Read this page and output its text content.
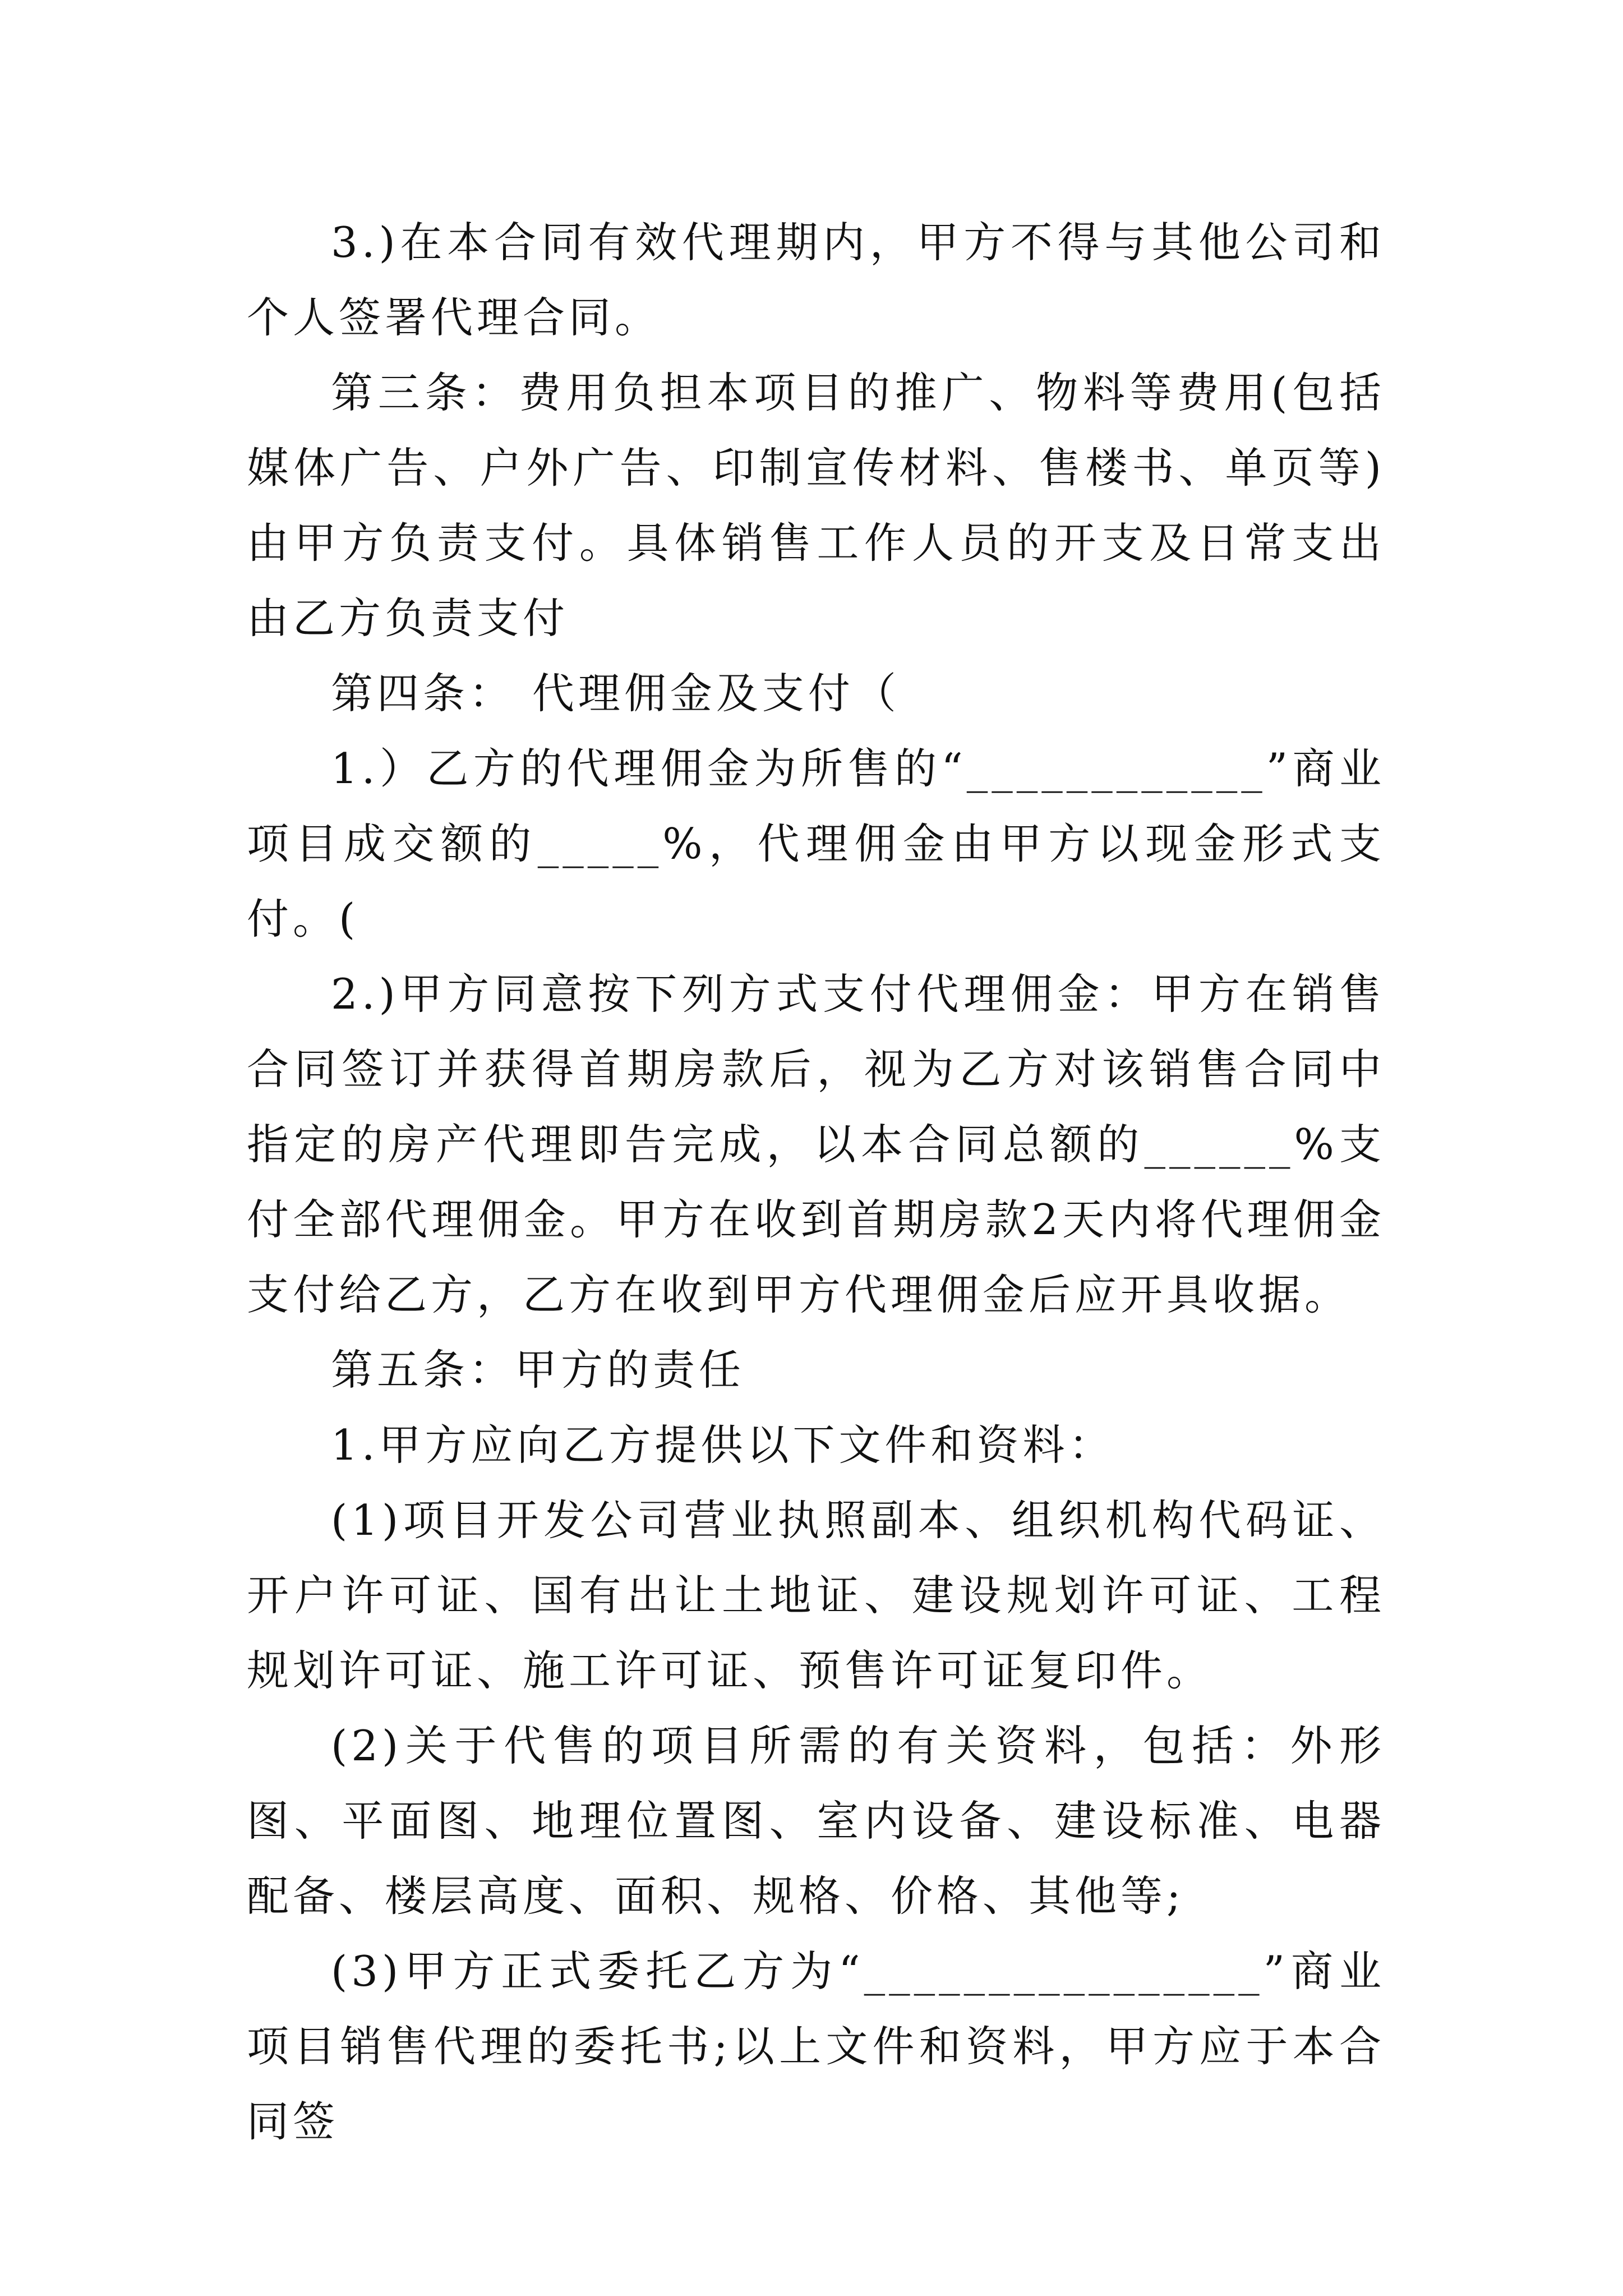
3.)在本合同有效代理期内，甲方不得与其他公司和个人签署代理合同。

第三条：费用负担本项目的推广、物料等费用(包括媒体广告、户外广告、印制宣传材料、售楼书、单页等)由甲方负责支付。具体销售工作人员的开支及日常支出由乙方负责支付

第四条： 代理佣金及支付（

1.）乙方的代理佣金为所售的“____________”商业项目成交额的_____%，代理佣金由甲方以现金形式支付。(

2.)甲方同意按下列方式支付代理佣金：甲方在销售合同签订并获得首期房款后，视为乙方对该销售合同中指定的房产代理即告完成，以本合同总额的______%支付全部代理佣金。甲方在收到首期房款2天内将代理佣金支付给乙方，乙方在收到甲方代理佣金后应开具收据。

第五条：甲方的责任

1.甲方应向乙方提供以下文件和资料：

(1)项目开发公司营业执照副本、组织机构代码证、开户许可证、国有出让土地证、建设规划许可证、工程规划许可证、施工许可证、预售许可证复印件。

(2)关于代售的项目所需的有关资料，包括：外形图、平面图、地理位置图、室内设备、建设标准、电器配备、楼层高度、面积、规格、价格、其他等;

(3)甲方正式委托乙方为“________________”商业项目销售代理的委托书;以上文件和资料，甲方应于本合同签
